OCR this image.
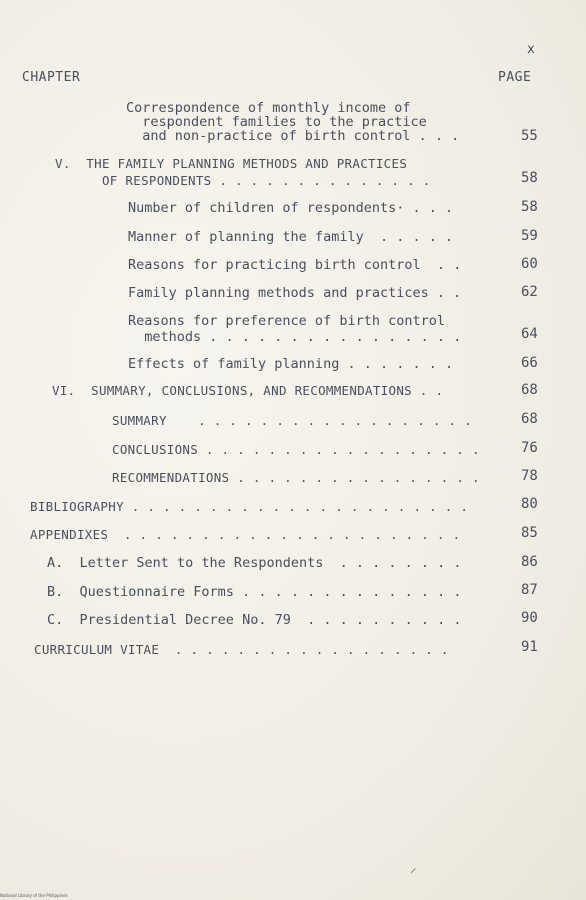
x
CHAPTER	PAGE
Correspondence of monthly income of
respondent families to the practice
and non-practice of birth control . . .	55
V.  THE FAMILY PLANNING METHODS AND PRACTICES
OF RESPONDENTS . . . . . . . . . . . . . .	58
Number of children of respondents· . . .	58
Manner of planning the family  . . . . .	59
Reasons for practicing birth control  . .	60
Family planning methods and practices . .	62
Reasons for preference of birth control
methods . . . . . . . . . . . . . . . .	64
Effects of family planning . . . . . . .	66
VI.  SUMMARY, CONCLUSIONS, AND RECOMMENDATIONS . .	68
SUMMARY    . . . . . . . . . . . . . . . . . .	68
CONCLUSIONS . . . . . . . . . . . . . . . . . .	76
RECOMMENDATIONS . . . . . . . . . . . . . . . .	78
BIBLIOGRAPHY . . . . . . . . . . . . . . . . . . . . . .	80
APPENDIXES  . . . . . . . . . . . . . . . . . . . . . .	85
A.  Letter Sent to the Respondents  . . . . . . . .	86
B.  Questionnaire Forms . . . . . . . . . . . . . .	87
C.  Presidential Decree No. 79  . . . . . . . . . .	90
CURRICULUM VITAE  . . . . . . . . . . . . . . . . . .	91
⸝
National Library of the Philippines
